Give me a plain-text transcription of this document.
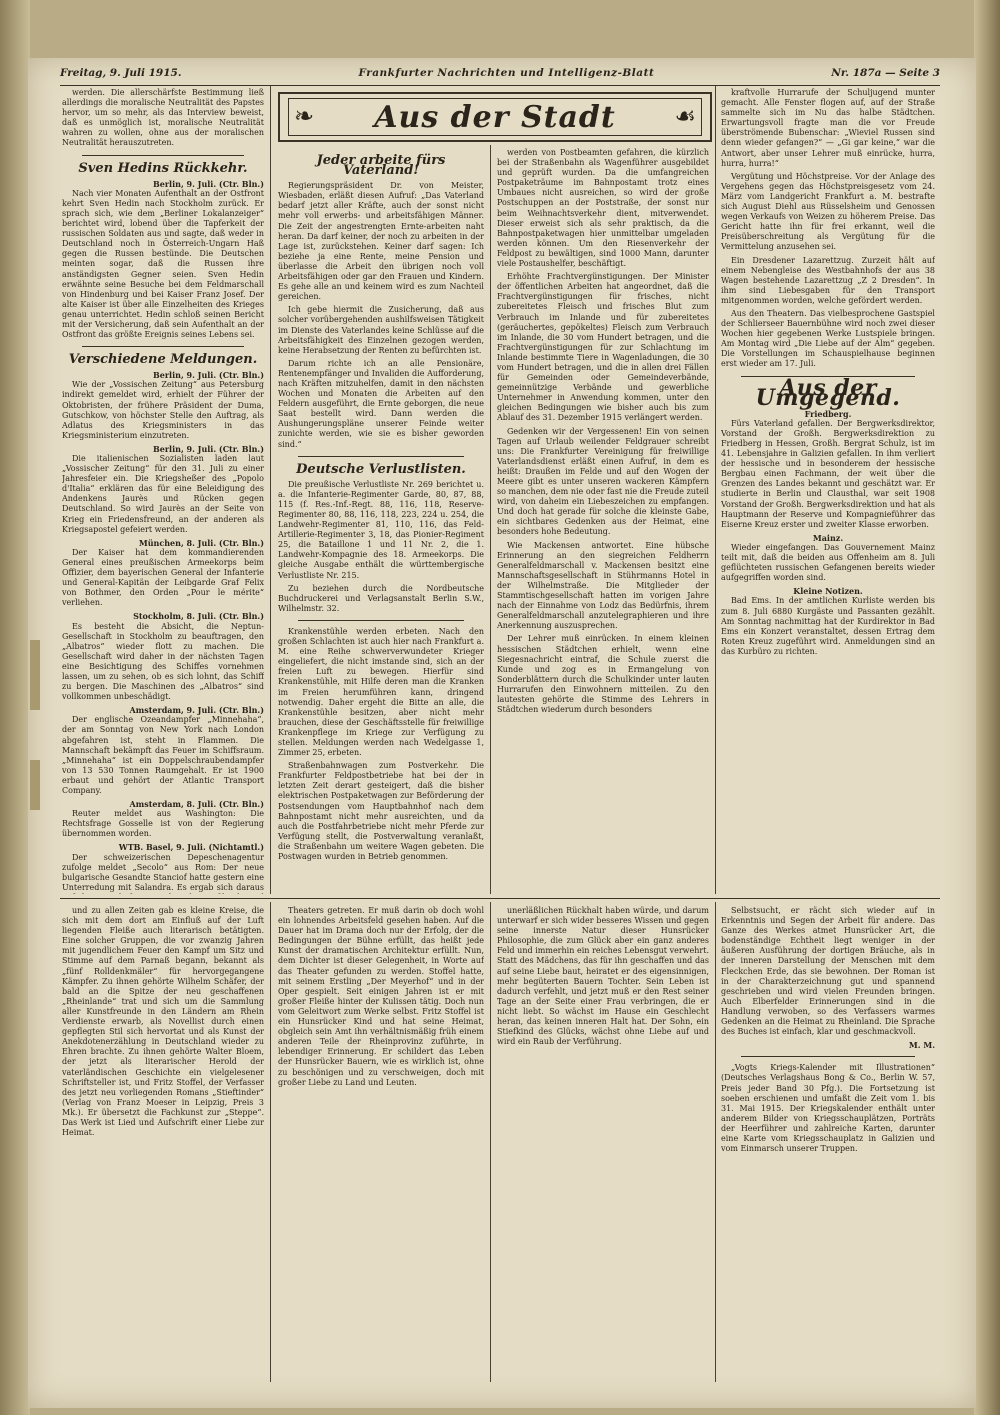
Freitag, 9. Juli 1915.	Frankfurter Nachrichten und Intelligenz-Blatt	Nr. 187a — Seite 3
❧ Aus der Stadt ☙

werden. Die allerschärfste Bestimmung ließ allerdings die moralische Neutralität des Papstes hervor, um so mehr, als das Interview beweist, daß es unmöglich ist, moralische Neutralität wahren zu wollen, ohne aus der moralischen Neutralität herauszutreten.

Sven Hedins Rückkehr.
Berlin, 9. Juli. (Ctr. Bln.)

Nach vier Monaten Aufenthalt an der Ostfront kehrt Sven Hedin nach Stockholm zurück. Er sprach sich, wie dem „Berliner Lokalanzeiger“ berichtet wird, lobend über die Tapferkeit der russischen Soldaten aus und sagte, daß weder in Deutschland noch in Österreich-Ungarn Haß gegen die Russen bestünde. Die Deutschen meinten sogar, daß die Russen ihre anständigsten Gegner seien. Sven Hedin erwähnte seine Besuche bei dem Feldmarschall von Hindenburg und bei Kaiser Franz Josef. Der alte Kaiser ist über alle Einzelheiten des Krieges genau unterrichtet. Hedin schloß seinen Bericht mit der Versicherung, daß sein Aufenthalt an der Ostfront das größte Ereignis seines Lebens sei.

Verschiedene Meldungen.
Berlin, 9. Juli. (Ctr. Bln.)

Wie der „Vossischen Zeitung“ aus Petersburg indirekt gemeldet wird, erhielt der Führer der Oktobristen, der frühere Präsident der Duma, Gutschkow, von höchster Stelle den Auftrag, als Adlatus des Kriegsministers in das Kriegsministerium einzutreten.

Berlin, 9. Juli. (Ctr. Bln.)

Die italienischen Sozialisten laden laut „Vossischer Zeitung“ für den 31. Juli zu einer Jahresfeier ein. Die Kriegsheßer des „Popolo d'Italia“ erklären das für eine Beleidigung des Andenkens Jaurès und Rücken gegen Deutschland. So wird Jaurès an der Seite von Krieg ein Friedensfreund, an der anderen als Kriegsapostel gefeiert werden.

München, 8. Juli. (Ctr. Bln.)

Der Kaiser hat dem kommandierenden General eines preußischen Armeekorps beim Offizier, dem bayerischen General der Infanterie und General-Kapitän der Leibgarde Graf Felix von Bothmer, den Orden „Pour le mérite“ verliehen.

Stockholm, 8. Juli. (Ctr. Bln.)

Es besteht die Absicht, die Neptun-Gesellschaft in Stockholm zu beauftragen, den „Albatros“ wieder flott zu machen. Die Gesellschaft wird daher in der nächsten Tagen eine Besichtigung des Schiffes vornehmen lassen, um zu sehen, ob es sich lohnt, das Schiff zu bergen. Die Maschinen des „Albatros“ sind vollkommen unbeschädigt.

Amsterdam, 9. Juli. (Ctr. Bln.)

Der englische Ozeandampfer „Minnehaha“, der am Sonntag von New York nach London abgefahren ist, steht in Flammen. Die Mannschaft bekämpft das Feuer im Schiffsraum. „Minnehaha“ ist ein Doppelschraubendampfer von 13 530 Tonnen Raumgehalt. Er ist 1900 erbaut und gehört der Atlantic Transport Company.

Amsterdam, 8. Juli. (Ctr. Bln.)

Reuter meldet aus Washington: Die Rechtsfrage Gosselle ist von der Regierung übernommen worden.

WTB. Basel, 9. Juli. (Nichtamtl.)

Der schweizerischen Depeschenagentur zufolge meldet „Secolo“ aus Rom: Der neue bulgarische Gesandte Stanciof hatte gestern eine Unterredung mit Salandra. Es ergab sich daraus

Jeder arbeite fürs Vaterland!

Regierungspräsident Dr. von Meister, Wiesbaden, erläßt diesen Aufruf: „Das Vaterland bedarf jetzt aller Kräfte, auch der sonst nicht mehr voll erwerbs- und arbeitsfähigen Männer. Die Zeit der angestrengten Ernte-arbeiten naht heran. Da darf keiner, der noch zu arbeiten in der Lage ist, zurückstehen. Keiner darf sagen: Ich beziehe ja eine Rente, meine Pension und überlasse die Arbeit den übrigen noch voll Arbeitsfähigen oder gar den Frauen und Kindern. Es gehe alle an und keinem wird es zum Nachteil gereichen.

Ich gebe hiermit die Zusicherung, daß aus solcher vorübergehenden aushilfsweisen Tätigkeit im Dienste des Vaterlandes keine Schlüsse auf die Arbeitsfähigkeit des Einzelnen gezogen werden, keine Herabsetzung der Renten zu befürchten ist.

Darum richte ich an alle Pensionäre, Rentenempfänger und Invaliden die Aufforderung, nach Kräften mitzuhelfen, damit in den nächsten Wochen und Monaten die Arbeiten auf den Feldern ausgeführt, die Ernte geborgen, die neue Saat bestellt wird. Dann werden die Aushungerungspläne unserer Feinde weiter zunichte werden, wie sie es bisher geworden sind.“

Deutsche Verlustlisten.

Die preußische Verlustliste Nr. 269 berichtet u. a. die Infanterie-Regimenter Garde, 80, 87, 88, 115 (f. Res.-Inf.-Regt. 88, 116, 118, Reserve-Regimenter 80, 88, 116, 118, 223, 224 u. 254, die Landwehr-Regimenter 81, 110, 116, das Feld-Artillerie-Regimenter 3, 18, das Pionier-Regiment 25, die Bataillone 1 und 11 Nr. 2, die 1. Landwehr-Kompagnie des 18. Armeekorps. Die gleiche Ausgabe enthält die württembergische Verlustliste Nr. 215.

Zu beziehen durch die Nordbeutsche Buchdruckerei und Verlagsanstalt Berlin S.W., Wilhelmstr. 32.

Krankenstühle werden erbeten. Nach den großen Schlachten ist auch hier nach Frankfurt a. M. eine Reihe schwerverwundeter Krieger eingeliefert, die nicht imstande sind, sich an der freien Luft zu bewegen. Hierfür sind Krankenstühle, mit Hilfe deren man die Kranken im Freien herumführen kann, dringend notwendig. Daher ergeht die Bitte an alle, die Krankenstühle besitzen, aber nicht mehr brauchen, diese der Geschäftsstelle für freiwillige Krankenpflege im Kriege zur Verfügung zu stellen. Meldungen werden nach Wedelgasse 1, Zimmer 25, erbeten.

Straßenbahnwagen zum Postverkehr. Die Frankfurter Feldpostbetriebe hat bei der in letzten Zeit derart gesteigert, daß die bisher elektrischen Postpaketwagen zur Beförderung der Postsendungen vom Hauptbahnhof nach dem Bahnpostamt nicht mehr ausreichten, und da auch die Postfahrbetriebe nicht mehr Pferde zur Verfügung stellt, die Postverwaltung veranlaßt, die Straßenbahn um weitere Wagen gebeten. Die Postwagen wurden in Betrieb genommen.

werden von Postbeamten gefahren, die kürzlich bei der Straßenbahn als Wagenführer ausgebildet und geprüft wurden. Da die umfangreichen Postpaketräume im Bahnpostamt trotz eines Umbaues nicht ausreichen, so wird der große Postschuppen an der Poststraße, der sonst nur beim Weihnachtsverkehr dient, mitverwendet. Dieser erweist sich als sehr praktisch, da die Bahnpostpaketwagen hier unmittelbar umgeladen werden können. Um den Riesenverkehr der Feldpost zu bewältigen, sind 1000 Mann, darunter viele Postaushelfer, beschäftigt.

Erhöhte Frachtvergünstigungen. Der Minister der öffentlichen Arbeiten hat angeordnet, daß die Frachtvergünstigungen für frisches, nicht zubereitetes Fleisch und frisches Blut zum Verbrauch im Inlande und für zubereitetes (geräuchertes, gepökeltes) Fleisch zum Verbrauch im Inlande, die 30 vom Hundert betragen, und die Frachtvergünstigungen für zur Schlachtung im Inlande bestimmte Tiere in Wagenladungen, die 30 vom Hundert betragen, und die in allen drei Fällen für Gemeinden oder Gemeindeverbände, gemeinnützige Verbände und gewerbliche Unternehmer in Anwendung kommen, unter den gleichen Bedingungen wie bisher auch bis zum Ablauf des 31. Dezember 1915 verlängert werden.

Gedenken wir der Vergessenen! Ein von seinen Tagen auf Urlaub weilender Feldgrauer schreibt uns: Die Frankfurter Vereinigung für freiwillige Vaterlandsdienst erläßt einen Aufruf, in dem es heißt: Draußen im Felde und auf den Wogen der Meere gibt es unter unseren wackeren Kämpfern so manchen, dem nie oder fast nie die Freude zuteil wird, von daheim ein Liebeszeichen zu empfangen. Und doch hat gerade für solche die kleinste Gabe, ein sichtbares Gedenken aus der Heimat, eine besonders hohe Bedeutung.

Wie Mackensen antwortet. Eine hübsche Erinnerung an den siegreichen Feldherrn Generalfeldmarschall v. Mackensen besitzt eine Mannschaftsgesellschaft in Stührmanns Hotel in der Wilhelmstraße. Die Mitglieder der Stammtischgesellschaft hatten im vorigen Jahre nach der Einnahme von Lodz das Bedürfnis, ihrem Generalfeldmarschall anzutelegraphieren und ihre Anerkennung auszusprechen.

Der Lehrer muß einrücken. In einem kleinen hessischen Städtchen erhielt, wenn eine Siegesnachricht eintraf, die Schule zuerst die Kunde und zog es in Ermangelung von Sonderblättern durch die Schulkinder unter lauten Hurrarufen den Einwohnern mitteilen. Zu den lautesten gehörte die Stimme des Lehrers in Städtchen wiederum durch besonders

kraftvolle Hurrarufe der Schuljugend munter gemacht. Alle Fenster flogen auf, auf der Straße sammelte sich im Nu das halbe Städtchen. Erwartungsvoll fragte man die vor Freude überströmende Bubenschar: „Wieviel Russen sind denn wieder gefangen?“ — „Gi gar keine,“ war die Antwort, aber unser Lehrer muß einrücke, hurra, hurra, hurra!“

Vergütung und Höchstpreise. Vor der Anlage des Vergehens gegen das Höchstpreisgesetz vom 24. März vom Landgericht Frankfurt a. M. bestrafte sich August Diehl aus Rüsselsheim und Genossen wegen Verkaufs von Weizen zu höherem Preise. Das Gericht hatte ihn für frei erkannt, weil die Preisüberschreitung als Vergütung für die Vermittelung anzusehen sei.

Ein Dresdener Lazarettzug. Zurzeit hält auf einem Nebengleise des Westbahnhofs der aus 38 Wagen bestehende Lazarettzug „Z 2 Dresden“. In ihm sind Liebesgaben für den Transport mitgenommen worden, welche gefördert werden.

Aus den Theatern. Das vielbesprochene Gastspiel der Schlierseer Bauernbühne wird noch zwei dieser Wochen hier gegebenen Werke Lustspiele bringen. Am Montag wird „Die Liebe auf der Alm“ gegeben. Die Vorstellungen im Schauspielhause beginnen erst wieder am 17. Juli.

Aus der Umgegend.
Friedberg.

Fürs Vaterland gefallen. Der Bergwerksdirektor, Vorstand der Großh. Bergwerksdirektion zu Friedberg in Hessen, Großh. Bergrat Schulz, ist im 41. Lebensjahre in Galizien gefallen. In ihm verliert der hessische und in besonderem der hessische Bergbau einen Fachmann, der weit über die Grenzen des Landes bekannt und geschätzt war. Er studierte in Berlin und Clausthal, war seit 1908 Vorstand der Großh. Bergwerksdirektion und hat als Hauptmann der Reserve und Kompagnieführer das Eiserne Kreuz erster und zweiter Klasse erworben.

Mainz.

Wieder eingefangen. Das Gouvernement Mainz teilt mit, daß die beiden aus Offenheim am 8. Juli geflüchteten russischen Gefangenen bereits wieder aufgegriffen worden sind.

Kleine Notizen.

Bad Ems. In der amtlichen Kurliste werden bis zum 8. Juli 6880 Kurgäste und Passanten gezählt. Am Sonntag nachmittag hat der Kurdirektor in Bad Ems ein Konzert veranstaltet, dessen Ertrag dem Roten Kreuz zugeführt wird. Anmeldungen sind an das Kurbüro zu richten.

und zu allen Zeiten gab es kleine Kreise, die sich mit dem dort am Einfluß auf der Luft liegenden Fleiße auch literarisch betätigten. Eine solcher Gruppen, die vor zwanzig Jahren mit jugendlichem Feuer den Kampf um Sitz und Stimme auf dem Parnaß begann, bekannt als „fünf Rolldenkmäler“ für hervorgegangene Kämpfer. Zu ihnen gehörte Wilhelm Schäfer, der bald an die Spitze der neu geschaffenen „Rheinlande“ trat und sich um die Sammlung aller Kunstfreunde in den Ländern am Rhein Verdienste erwarb, als Novellist durch einen gepflegten Stil sich hervortat und als Kunst der Anekdotenerzählung in Deutschland wieder zu Ehren brachte. Zu ihnen gehörte Walter Bloem, der jetzt als literarischer Herold der vaterländischen Geschichte ein vielgelesener Schriftsteller ist, und Fritz Stoffel, der Verfasser des jetzt neu vorliegenden Romans „Stieftinder“ (Verlag von Franz Moeser in Leipzig, Preis 3 Mk.). Er übersetzt die Fachkunst zur „Steppe“. Das Werk ist Lied und Aufschrift einer Liebe zur Heimat.

Theaters getreten. Er muß darin ob doch wohl ein lohnendes Arbeitsfeld gesehen haben. Auf die Dauer hat im Drama doch nur der Erfolg, der die Bedingungen der Bühne erfüllt, das heißt jede Kunst der dramatischen Architektur erfüllt. Nun, dem Dichter ist dieser Gelegenheit, in Worte auf das Theater gefunden zu werden. Stoffel hatte, mit seinem Erstling „Der Meyerhof“ und in der Oper gespielt. Seit einigen Jahren ist er mit großer Fleiße hinter der Kulissen tätig. Doch nun vom Geleitwort zum Werke selbst. Fritz Stoffel ist ein Hunsrücker Kind und hat seine Heimat, obgleich sein Amt ihn verhältnismäßig früh einem anderen Teile der Rheinprovinz zuführte, in lebendiger Erinnerung. Er schildert das Leben der Hunsrücker Bauern, wie es wirklich ist, ohne zu beschönigen und zu verschweigen, doch mit großer Liebe zu Land und Leuten.

unerläßlichen Rückhalt haben würde, und darum unterwarf er sich wider besseres Wissen und gegen seine innerste Natur dieser Hunsrücker Philosophie, die zum Glück aber ein ganz anderes Feld und immerhin ein reiches Lebensgut verwehrt. Statt des Mädchens, das für ihn geschaffen und das auf seine Liebe baut, heiratet er des eigensinnigen, mehr begüterten Bauern Tochter. Sein Leben ist dadurch verfehlt, und jetzt muß er den Rest seiner Tage an der Seite einer Frau verbringen, die er nicht liebt. So wächst im Hause ein Geschlecht heran, das keinen inneren Halt hat. Der Sohn, ein Stiefkind des Glücks, wächst ohne Liebe auf und wird ein Raub der Verführung.

Selbstsucht, er rächt sich wieder auf in Erkenntnis und Segen der Arbeit für andere. Das Ganze des Werkes atmet Hunsrücker Art, die bodenständige Echtheit liegt weniger in der äußeren Ausführung der dortigen Bräuche, als in der inneren Darstellung der Menschen mit dem Fleckchen Erde, das sie bewohnen. Der Roman ist in der Charakterzeichnung gut und spannend geschrieben und wird vielen Freunden bringen. Auch Elberfelder Erinnerungen sind in die Handlung verwoben, so des Verfassers warmes Gedenken an die Heimat zu Rheinland. Die Sprache des Buches ist einfach, klar und geschmackvoll.

M. M.

„Vogts Kriegs-Kalender mit Illustrationen“ (Deutsches Verlagshaus Bong & Co., Berlin W. 57, Preis jeder Band 30 Pfg.). Die Fortsetzung ist soeben erschienen und umfaßt die Zeit vom 1. bis 31. Mai 1915. Der Kriegskalender enthält unter anderem Bilder von Kriegsschauplätzen, Porträts der Heerführer und zahlreiche Karten, darunter eine Karte vom Kriegsschauplatz in Galizien und vom Einmarsch unserer Truppen.
